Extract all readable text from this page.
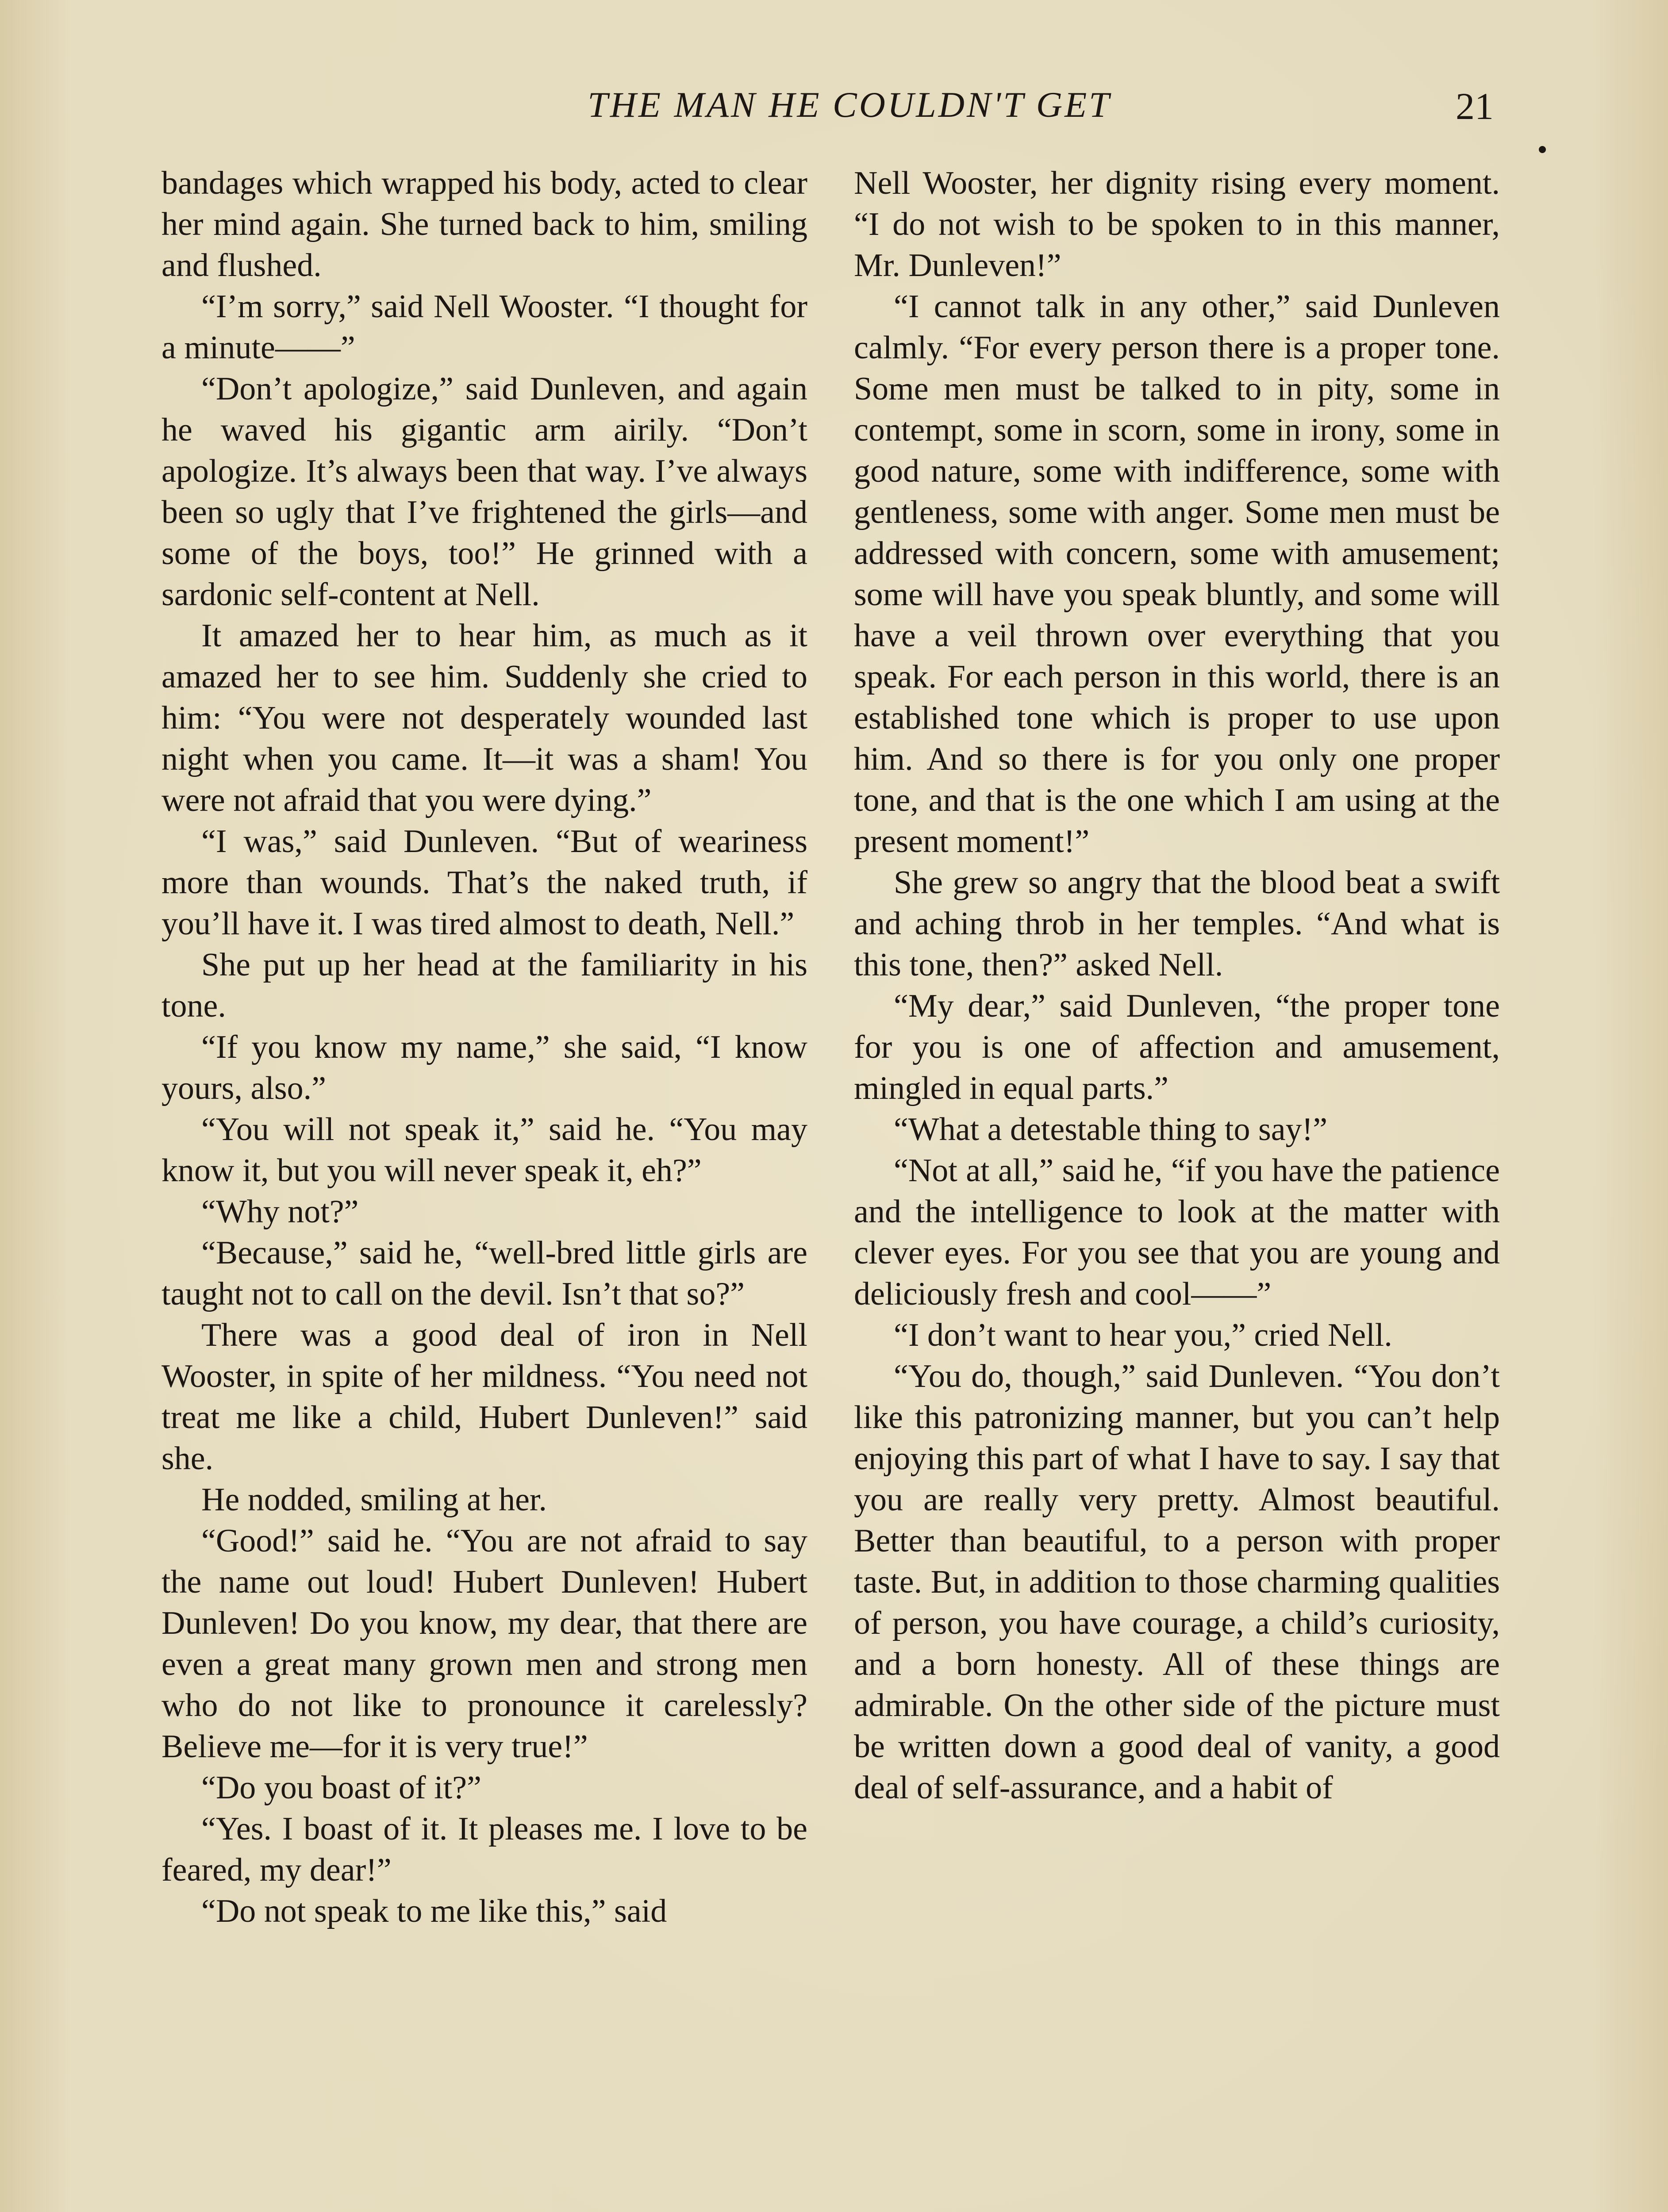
THE MAN HE COULDN'T GET	21

bandages which wrapped his body, acted to clear her mind again. She turned back to him, smiling and flushed.

“I’m sorry,” said Nell Wooster. “I thought for a minute——”

“Don’t apologize,” said Dunleven, and again he waved his gigantic arm airily. “Don’t apologize. It’s always been that way. I’ve always been so ugly that I’ve frightened the girls—and some of the boys, too!” He grinned with a sardonic self-content at Nell.

It amazed her to hear him, as much as it amazed her to see him. Suddenly she cried to him: “You were not desperately wounded last night when you came. It—it was a sham! You were not afraid that you were dying.”

“I was,” said Dunleven. “But of weariness more than wounds. That’s the naked truth, if you’ll have it. I was tired almost to death, Nell.”

She put up her head at the familiarity in his tone.

“If you know my name,” she said, “I know yours, also.”

“You will not speak it,” said he. “You may know it, but you will never speak it, eh?”

“Why not?”

“Because,” said he, “well-bred little girls are taught not to call on the devil. Isn’t that so?”

There was a good deal of iron in Nell Wooster, in spite of her mildness. “You need not treat me like a child, Hubert Dunleven!” said she.

He nodded, smiling at her.

“Good!” said he. “You are not afraid to say the name out loud! Hubert Dunleven! Hubert Dunleven! Do you know, my dear, that there are even a great many grown men and strong men who do not like to pronounce it carelessly? Believe me—for it is very true!”

“Do you boast of it?”

“Yes. I boast of it. It pleases me. I love to be feared, my dear!”

“Do not speak to me like this,” said

Nell Wooster, her dignity rising every moment. “I do not wish to be spoken to in this manner, Mr. Dunleven!”

“I cannot talk in any other,” said Dunleven calmly. “For every person there is a proper tone. Some men must be talked to in pity, some in contempt, some in scorn, some in irony, some in good nature, some with indifference, some with gentleness, some with anger. Some men must be addressed with concern, some with amusement; some will have you speak bluntly, and some will have a veil thrown over everything that you speak. For each person in this world, there is an established tone which is proper to use upon him. And so there is for you only one proper tone, and that is the one which I am using at the present moment!”

She grew so angry that the blood beat a swift and aching throb in her temples. “And what is this tone, then?” asked Nell.

“My dear,” said Dunleven, “the proper tone for you is one of affection and amusement, mingled in equal parts.”

“What a detestable thing to say!”

“Not at all,” said he, “if you have the patience and the intelligence to look at the matter with clever eyes. For you see that you are young and deliciously fresh and cool——”

“I don’t want to hear you,” cried Nell.

“You do, though,” said Dunleven. “You don’t like this patronizing manner, but you can’t help enjoying this part of what I have to say. I say that you are really very pretty. Almost beautiful. Better than beautiful, to a person with proper taste. But, in addition to those charming qualities of person, you have courage, a child’s curiosity, and a born honesty. All of these things are admirable. On the other side of the picture must be written down a good deal of vanity, a good deal of self-assurance, and a habit of
